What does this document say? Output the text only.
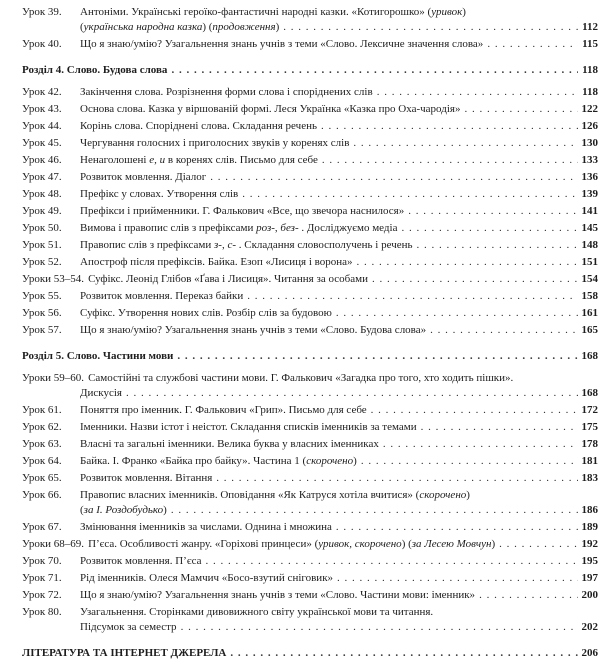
Урок 39.	Антоніми. Українські героїко-фантастичні народні казки. «Котигорошко» (уривок)
(українська народна казка) (продовження) . . .	112
Урок 40.	Що я знаю/умію? Узагальнення знань учнів з теми «Слово. Лексичне значення слова» . . .	115
Розділ 4. Слово. Будова слова . . .	118
Урок 42.	Закінчення слова. Розрізнення форми слова і споріднених слів . . .	118
Урок 43.	Основа слова. Казка у віршованій формі. Леся Українка «Казка про Оха-чародія» . . .	122
Урок 44.	Корінь слова. Споріднені слова. Складання речень . . .	126
Урок 45.	Чергування голосних і приголосних звуків у коренях слів . . .	130
Урок 46.	Ненаголошені е, и в коренях слів. Письмо для себе . . .	133
Урок 47.	Розвиток мовлення. Діалог . . .	136
Урок 48.	Префікс у словах. Утворення слів . . .	139
Урок 49.	Префікси і прийменники. Г. Фалькович «Все, що звечора наснилося» . . .	141
Урок 50.	Вимова і правопис слів з префіксами роз-, без- . Досліджуємо медіа . . .	145
Урок 51.	Правопис слів з префіксами з-, с- . Складання словосполучень і речень . . .	148
Урок 52.	Апостроф після префіксів. Байка. Езоп «Лисиця і ворона» . . .	151
Уроки 53–54. Суфікс. Леонід Глібов «Ґава і Лисиця». Читання за особами . . .	154
Урок 55.	Розвиток мовлення. Переказ байки . . .	158
Урок 56.	Суфікс. Утворення нових слів. Розбір слів за будовою . . .	161
Урок 57.	Що я знаю/умію? Узагальнення знань учнів з теми «Слово. Будова слова» . . .	165
Розділ 5. Слово. Частини мови . . .	168
Уроки 59–60. Самостійні та службові частини мови. Г. Фалькович «Загадка про того, хто ходить пішки».
Дискусія . . .	168
Урок 61.	Поняття про іменник. Г. Фалькович «Грип». Письмо для себе . . .	172
Урок 62.	Іменники. Назви істот і неістот. Складання списків іменників за темами . . .	175
Урок 63.	Власні та загальні іменники. Велика буква у власних іменниках . . .	178
Урок 64.	Байка. І. Франко «Байка про байку». Частина 1 (скорочено) . . .	181
Урок 65.	Розвиток мовлення. Вітання . . .	183
Урок 66.	Правопис власних іменників. Оповідання «Як Катруся хотіла вчитися» (скорочено)
(за І. Роздобудько) . . .	186
Урок 67.	Змінювання іменників за числами. Однина і множина . . .	189
Уроки 68–69. П’єса. Особливості жанру. «Горіхові принцеси» (уривок, скорочено) (за Лесею Мовчун) . . .	192
Урок 70.	Розвиток мовлення. П’єса . . .	195
Урок 71.	Рід іменників. Олеся Мамчич «Босо-взутий сніговик» . . .	197
Урок 72.	Що я знаю/умію? Узагальнення знань учнів з теми «Слово. Частини мови: іменник» . . .	200
Урок 80.	Узагальнення. Сторінками дивовижного світу української мови та читання.
Підсумок за семестр . . .	202
ЛІТЕРАТУРА ТА ІНТЕРНЕТ ДЖЕРЕЛА . . .	206
